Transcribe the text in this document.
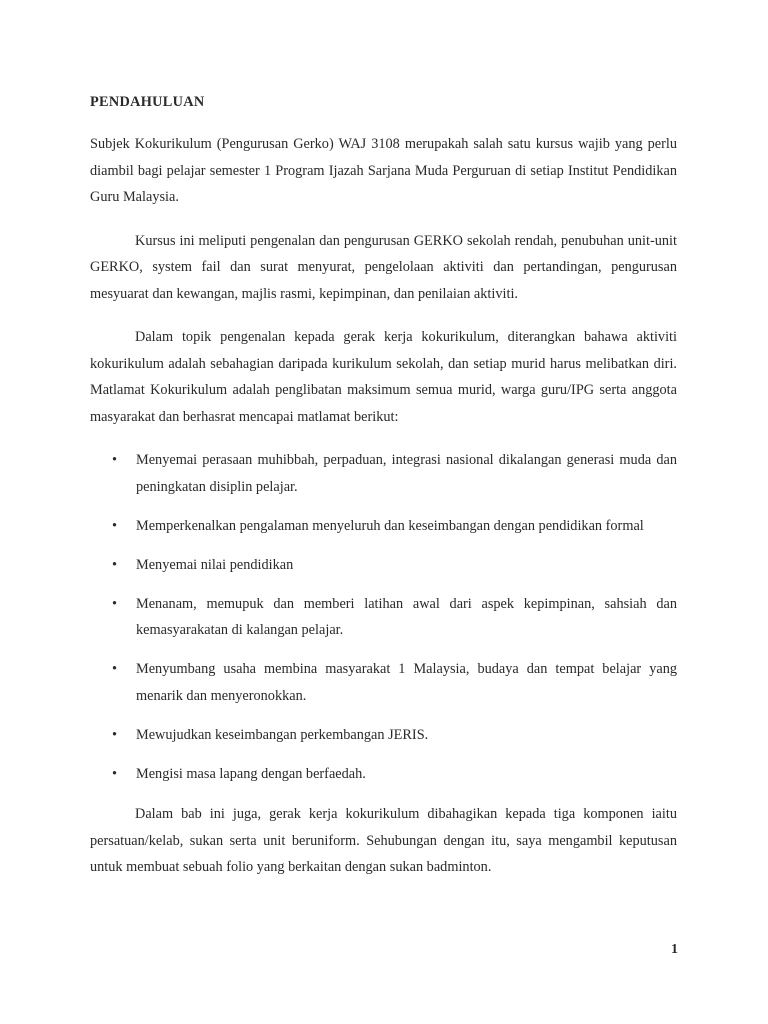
PENDAHULUAN

Subjek Kokurikulum (Pengurusan Gerko) WAJ 3108 merupakah salah satu kursus wajib yang perlu diambil bagi pelajar semester 1 Program Ijazah Sarjana Muda Perguruan di setiap Institut Pendidikan Guru Malaysia.

Kursus ini meliputi pengenalan dan pengurusan GERKO sekolah rendah, penubuhan unit-unit GERKO, system fail dan surat menyurat, pengelolaan aktiviti dan pertandingan, pengurusan mesyuarat dan kewangan, majlis rasmi, kepimpinan, dan penilaian aktiviti.

Dalam topik pengenalan kepada gerak kerja kokurikulum, diterangkan bahawa aktiviti kokurikulum adalah sebahagian daripada kurikulum sekolah, dan setiap murid harus melibatkan diri. Matlamat Kokurikulum adalah penglibatan maksimum semua murid, warga guru/IPG serta anggota masyarakat dan berhasrat mencapai matlamat berikut:

• Menyemai perasaan muhibbah, perpaduan, integrasi nasional dikalangan generasi muda dan peningkatan disiplin pelajar.
• Memperkenalkan pengalaman menyeluruh dan keseimbangan dengan pendidikan formal
• Menyemai nilai pendidikan
• Menanam, memupuk dan memberi latihan awal dari aspek kepimpinan, sahsiah dan kemasyarakatan di kalangan pelajar.
• Menyumbang usaha membina masyarakat 1 Malaysia, budaya dan tempat belajar yang menarik dan menyeronokkan.
• Mewujudkan keseimbangan perkembangan JERIS.
• Mengisi masa lapang dengan berfaedah.

Dalam bab ini juga, gerak kerja kokurikulum dibahagikan kepada tiga komponen iaitu persatuan/kelab, sukan serta unit beruniform. Sehubungan dengan itu, saya mengambil keputusan untuk membuat sebuah folio yang berkaitan dengan sukan badminton.

1
